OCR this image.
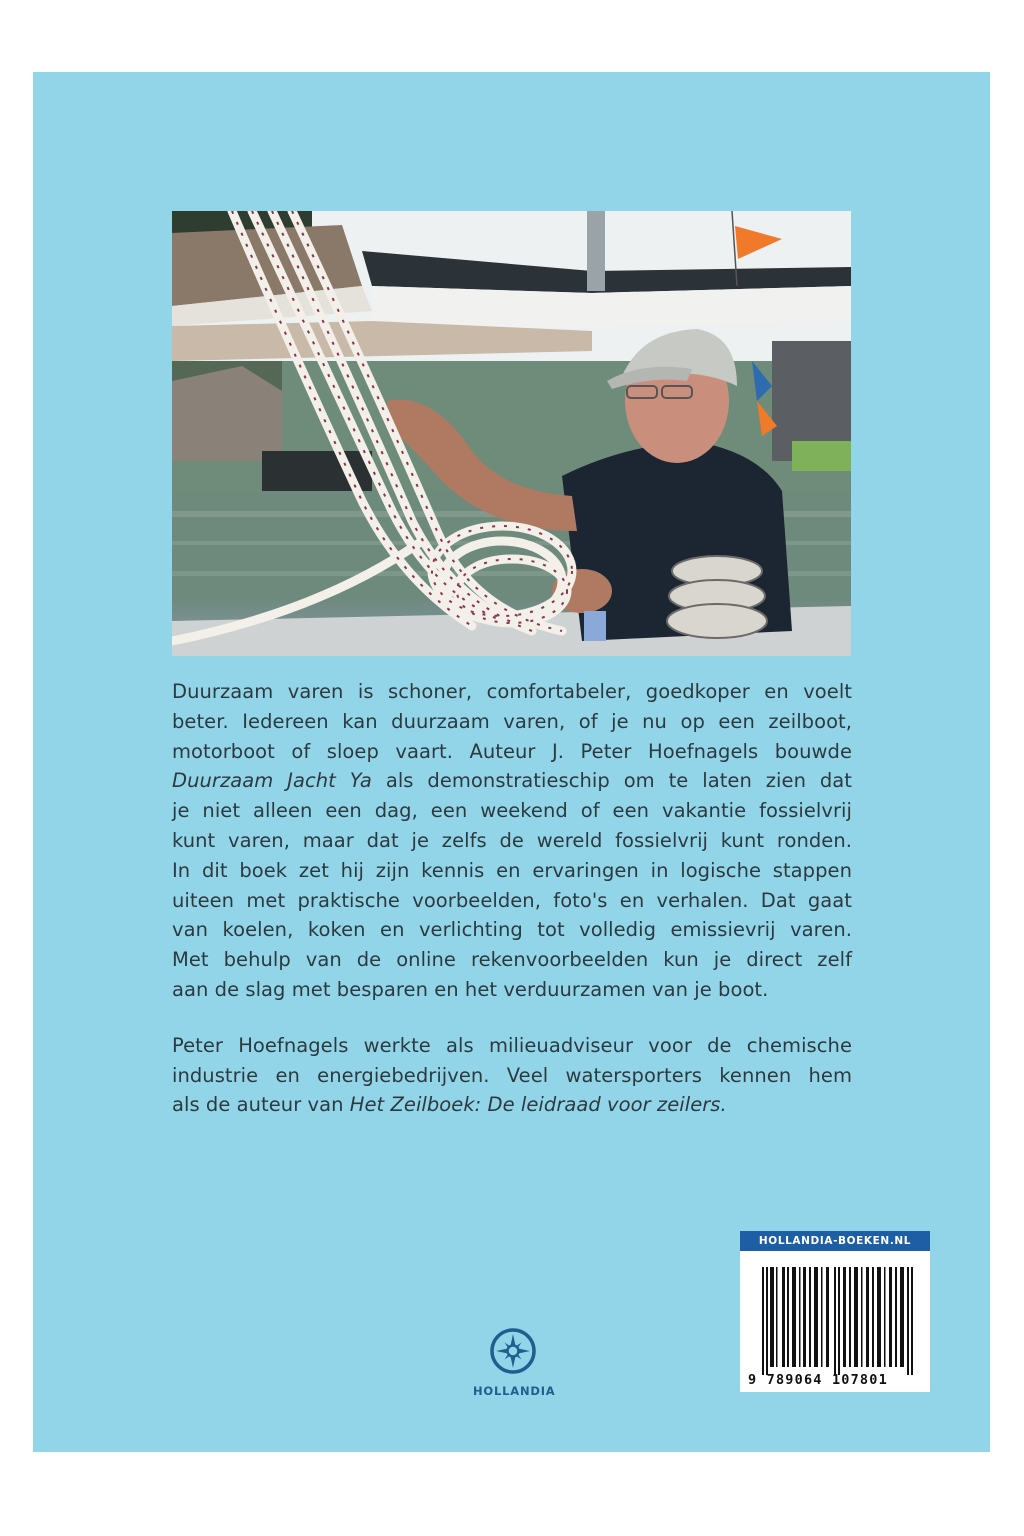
Duurzaam varen is schoner, comfortabeler, goedkoper en voelt
beter. Iedereen kan duurzaam varen, of je nu op een zeilboot,
motorboot of sloep vaart. Auteur J. Peter Hoefnagels bouwde
Duurzaam Jacht Ya als demonstratieschip om te laten zien dat
je niet alleen een dag, een weekend of een vakantie fossielvrij
kunt varen, maar dat je zelfs de wereld fossielvrij kunt ronden.
In dit boek zet hij zijn kennis en ervaringen in logische stappen
uiteen met praktische voorbeelden, foto's en verhalen. Dat gaat
van koelen, koken en verlichting tot volledig emissievrij varen.
Met behulp van de online rekenvoorbeelden kun je direct zelf
aan de slag met besparen en het verduurzamen van je boot.

Peter Hoefnagels werkte als milieuadviseur voor de chemische
industrie en energiebedrijven. Veel watersporters kennen hem
als de auteur van Het Zeilboek: De leidraad voor zeilers.

HOLLANDIA
HOLLANDIA-BOEKEN.NL
9 789064 107801
